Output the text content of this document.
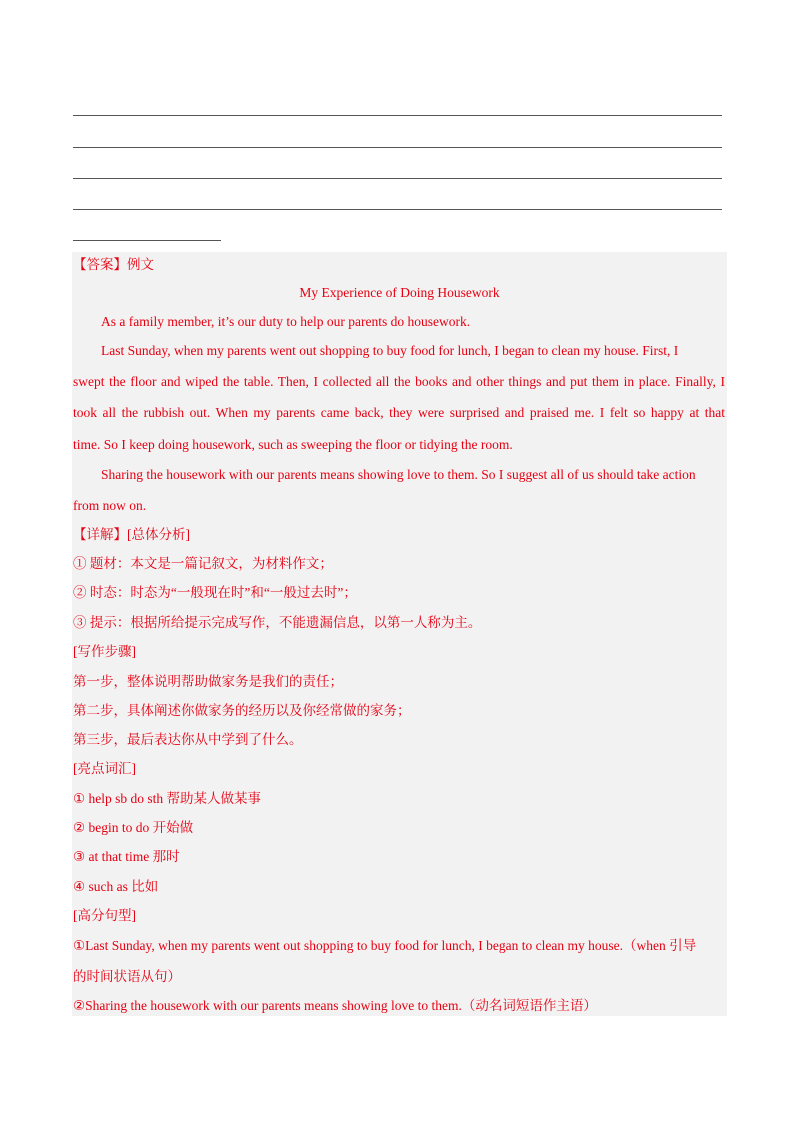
【答案】例文
My Experience of Doing Housework
As a family member, it’s our duty to help our parents do housework.
Last Sunday, when my parents went out shopping to buy food for lunch, I began to clean my house. First, I
swept the floor and wiped the table. Then, I collected all the books and other things and put them in place. Finally, I
took all the rubbish out. When my parents came back, they were surprised and praised me. I felt so happy at that
time. So I keep doing housework, such as sweeping the floor or tidying the room.
Sharing the housework with our parents means showing love to them. So I suggest all of us should take action
from now on.
【详解】[总体分析]
① 题材：本文是一篇记叙文，为材料作文；
② 时态：时态为“一般现在时”和“一般过去时”；
③ 提示：根据所给提示完成写作，不能遗漏信息，以第一人称为主。
[写作步骤]
第一步，整体说明帮助做家务是我们的责任；
第二步，具体阐述你做家务的经历以及你经常做的家务；
第三步，最后表达你从中学到了什么。
[亮点词汇]
① help sb do sth 帮助某人做某事
② begin to do 开始做
③ at that time 那时
④ such as 比如
[高分句型]
①Last Sunday, when my parents went out shopping to buy food for lunch, I began to clean my house.（when 引导
的时间状语从句）
②Sharing the housework with our parents means showing love to them.（动名词短语作主语）
